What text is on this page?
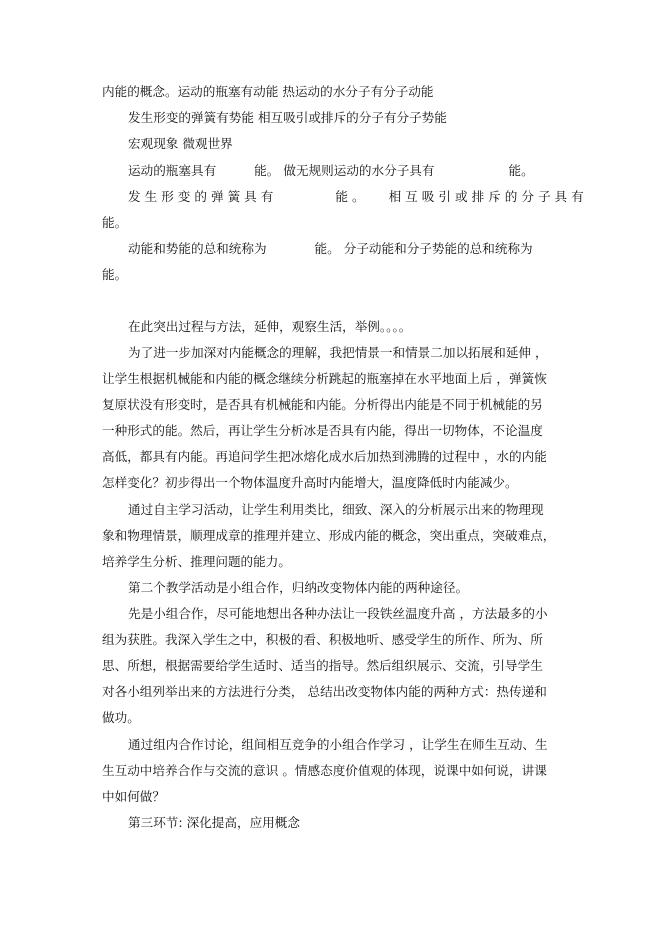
内能的概念。运动的瓶塞有动能 热运动的水分子有分子动能

发生形变的弹簧有势能 相互吸引或排斥的分子有分子势能

宏观现象 微观世界

运动的瓶塞具有	能。 做无规则运动的水分子具有	能。

发 生 形 变 的 弹 簧 具 有	能 。 相 互 吸 引 或 排 斥 的 分 子 具 有

能。

动能和势能的总和统称为	能。 分子动能和分子势能的总和统称为

能。

在此突出过程与方法，延伸，观察生活，举例。。。。

为了进一步加深对内能概念的理解，我把情景一和情景二加以拓展和延伸 ，

让学生根据机械能和内能的概念继续分析跳起的瓶塞掉在水平地面上后 ，弹簧恢

复原状没有形变时，是否具有机械能和内能。分析得出内能是不同于机械能的另

一种形式的能。然后，再让学生分析冰是否具有内能，得出一切物体，不论温度

高低，都具有内能。再追问学生把冰熔化成水后加热到沸腾的过程中 ，水的内能

怎样变化？初步得出一个物体温度升高时内能增大，温度降低时内能减少。

通过自主学习活动，让学生利用类比，细致、深入的分析展示出来的物理现

象和物理情景，顺理成章的推理并建立、形成内能的概念，突出重点，突破难点，

培养学生分析、推理问题的能力。

第二个教学活动是小组合作，归纳改变物体内能的两种途径。

先是小组合作，尽可能地想出各种办法让一段铁丝温度升高 ，方法最多的小

组为获胜。我深入学生之中，积极的看、积极地听、感受学生的所作、所为、所

思、所想，根据需要给学生适时、适当的指导。然后组织展示、交流，引导学生

对各小组列举出来的方法进行分类， 总结出改变物体内能的两种方式：热传递和

做功。

通过组内合作讨论，组间相互竞争的小组合作学习 ，让学生在师生互动、生

生互动中培养合作与交流的意识 。情感态度价值观的体现，说课中如何说，讲课

中如何做？

第三环节: 深化提高，应用概念
